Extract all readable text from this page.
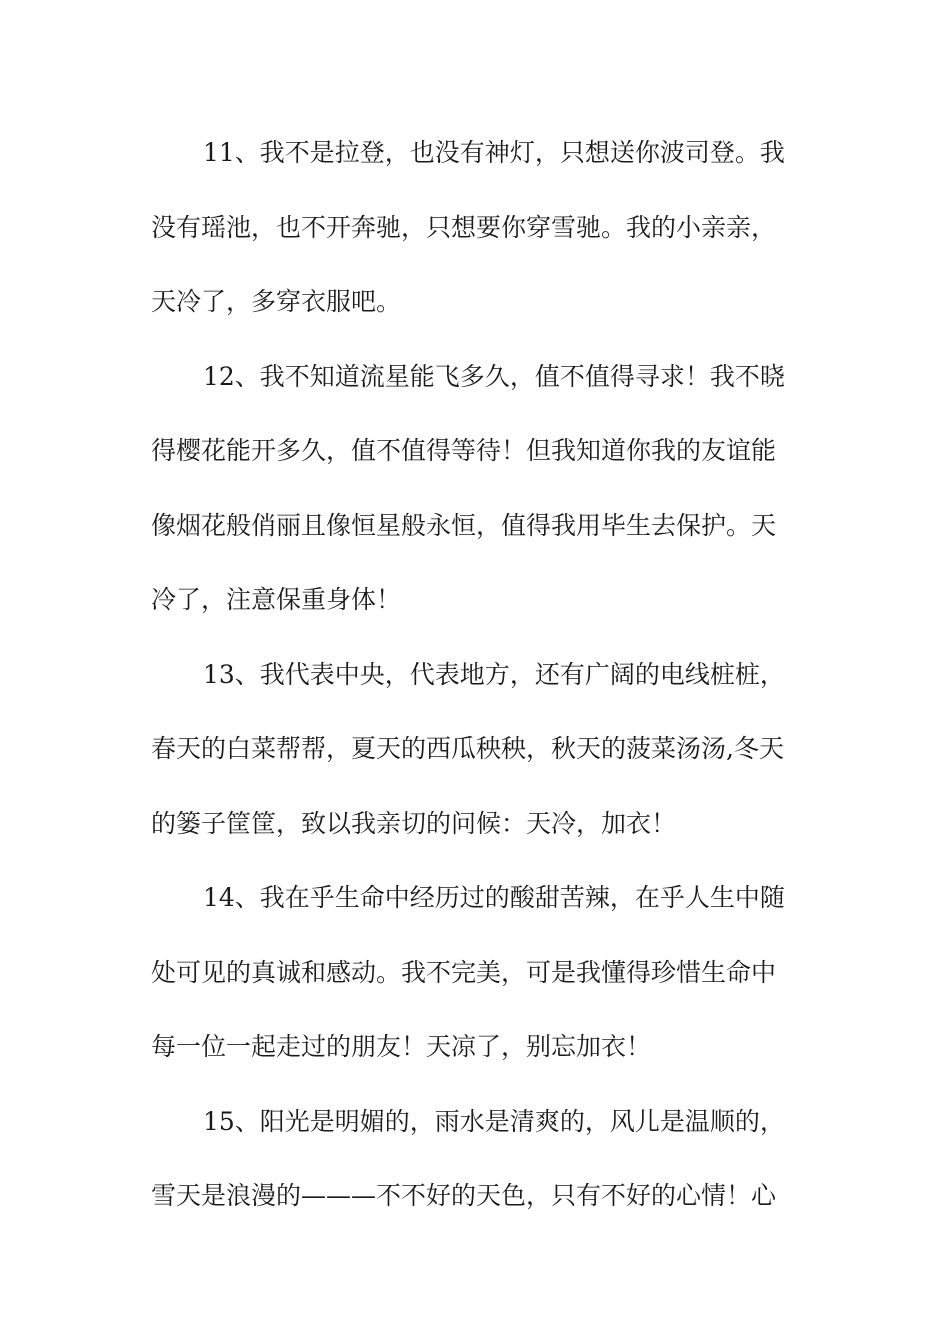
11、我不是拉登，也没有神灯，只想送你波司登。我
没有瑶池，也不开奔驰，只想要你穿雪驰。我的小亲亲，
天冷了，多穿衣服吧。
12、我不知道流星能飞多久，值不值得寻求！我不晓
得樱花能开多久，值不值得等待！但我知道你我的友谊能
像烟花般俏丽且像恒星般永恒，值得我用毕生去保护。天
冷了，注意保重身体！
13、我代表中央，代表地方，还有广阔的电线桩桩，
春天的白菜帮帮，夏天的西瓜秧秧，秋天的菠菜汤汤,冬天
的篓子筐筐，致以我亲切的问候：天冷，加衣！
14、我在乎生命中经历过的酸甜苦辣，在乎人生中随
处可见的真诚和感动。我不完美，可是我懂得珍惜生命中
每一位一起走过的朋友！天凉了，别忘加衣！
15、阳光是明媚的，雨水是清爽的，风儿是温顺的，
雪天是浪漫的———不不好的天色，只有不好的心情！心
